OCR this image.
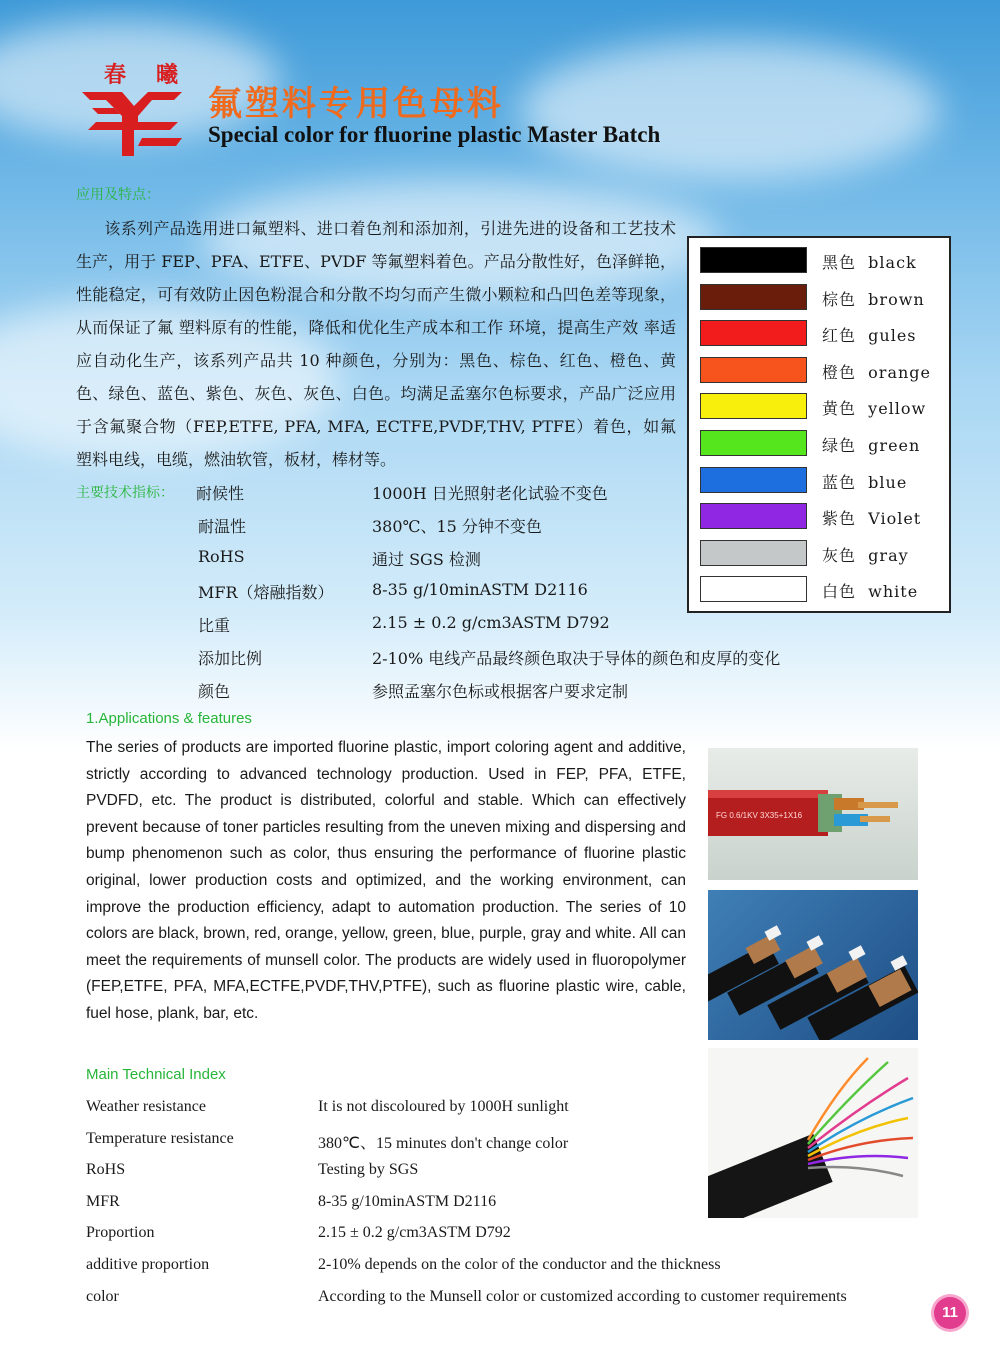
春曦
氟塑料专用色母料
Special color for fluorine plastic Master Batch
应用及特点：
该系列产品选用进口氟塑料、进口着色剂和添加剂，引进先进的设备和工艺技术生产，用于 FEP、PFA、ETFE、PVDF 等氟塑料着色。产品分散性好，色泽鲜艳，性能稳定，可有效防止因色粉混合和分散不均匀而产生微小颗粒和凸凹色差等现象，从而保证了氟 塑料原有的性能，降低和优化生产成本和工作 环境，提高生产效 率适应自动化生产，该系列产品共 10 种颜色，分别为：黑色、棕色、红色、橙色、黄色、绿色、蓝色、紫色、灰色、灰色、白色。均满足孟塞尔色标要求，产品广泛应用于含氟聚合物（FEP,ETFE, PFA, MFA, ECTFE,PVDF,THV, PTFE）着色，如氟塑料电线，电缆，燃油软管，板材，棒材等。
主要技术指标： 耐候性	1000H 日光照射老化试验不变色
耐温性	380℃、15 分钟不变色
RoHS	通过 SGS 检测
MFR（熔融指数） 8-35 g/10minASTM D2116
比重	2.15 ± 0.2 g/cm3ASTM D792
添加比例	2-10% 电线产品最终颜色取决于导体的颜色和皮厚的变化
颜色	参照孟塞尔色标或根据客户要求定制
黑色  black
棕色  brown
红色  gules
橙色  orange
黄色  yellow
绿色  green
蓝色  blue
紫色  Violet
灰色  gray
白色  white
1.Applications & features
The series of products are imported fluorine plastic, import coloring agent and additive, strictly according to advanced technology production. Used in FEP, PFA, ETFE, PVDFD, etc. The product is distributed, colorful and stable. Which can effectively prevent because of toner particles resulting from the uneven mixing and dispersing and bump phenomenon such as color, thus ensuring the performance of fluorine plastic original, lower production costs and optimized, and the working environment, can improve the production efficiency, adapt to automation production. The series of 10 colors are black, brown, red, orange, yellow, green, blue, purple, gray and white. All can meet the requirements of munsell color. The products are widely used in fluoropolymer (FEP,ETFE, PFA, MFA,ECTFE,PVDF,THV,PTFE), such as fluorine plastic wire, cable, fuel hose, plank, bar, etc.
FG 0.6/1KV 3X35+1X16
Main Technical Index
Weather resistance	It is not discoloured by 1000H sunlight
Temperature resistance	380℃、15 minutes don't change color
RoHS	Testing by SGS
MFR	8-35 g/10minASTM D2116
Proportion	2.15 ± 0.2 g/cm3ASTM D792
additive proportion	2-10% depends on the color of the conductor and the thickness
color	According to the Munsell color or customized according to customer requirements
11
